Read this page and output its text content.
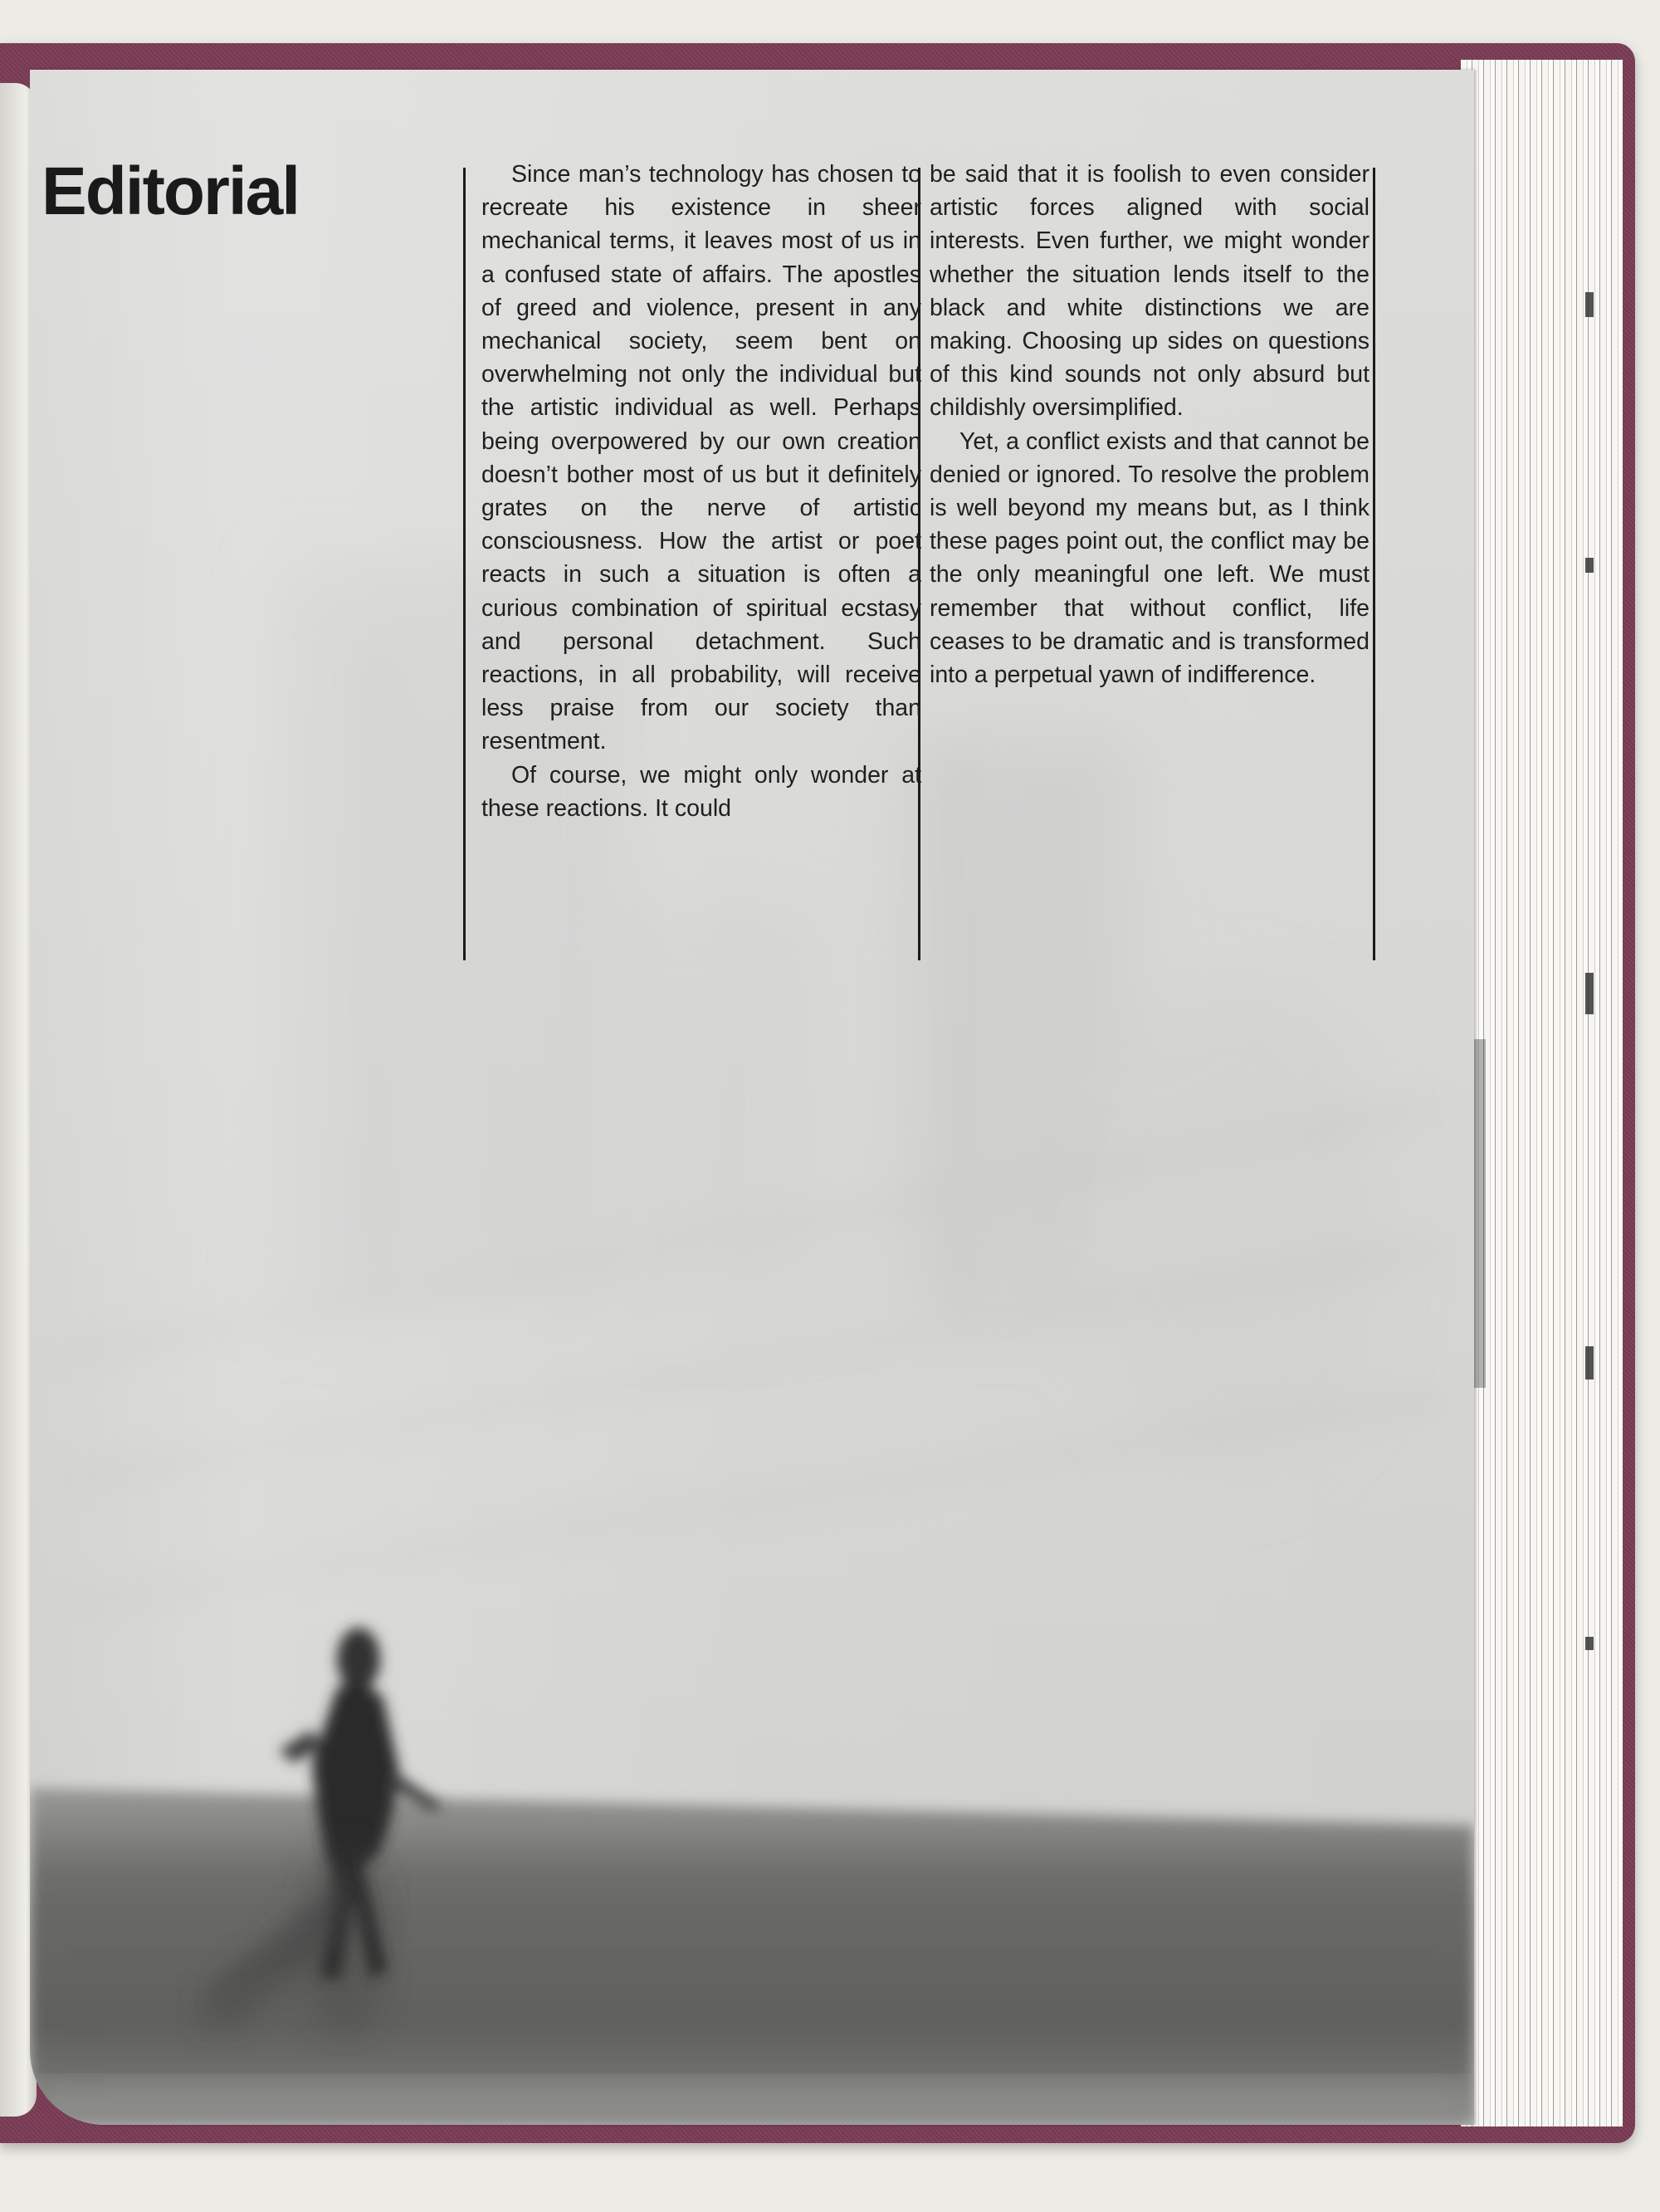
Editorial	Since man’s technology has chosen to recreate his existence in sheer mechanical terms, it leaves most of us in a confused state of affairs. The apostles of greed and violence, present in any mechanical society, seem bent on overwhelming not only the individual but the artistic individual as well. Perhaps being overpowered by our own creation doesn’t bother most of us but it definitely grates on the nerve of artistic consciousness. How the artist or poet reacts in such a situation is often a curious combination of spiritual ecstasy and personal detachment. Such reactions, in all probability, will receive less praise from our society than resentment.

Of course, we might only wonder at these reactions. It could

be said that it is foolish to even consider artistic forces aligned with social interests. Even further, we might wonder whether the situation lends itself to the black and white distinctions we are making. Choosing up sides on questions of this kind sounds not only absurd but childishly oversimplified.

Yet, a conflict exists and that cannot be denied or ignored. To resolve the problem is well beyond my means but, as I think these pages point out, the conflict may be the only meaningful one left. We must remember that without conflict, life ceases to be dramatic and is transformed into a perpetual yawn of indifference.
